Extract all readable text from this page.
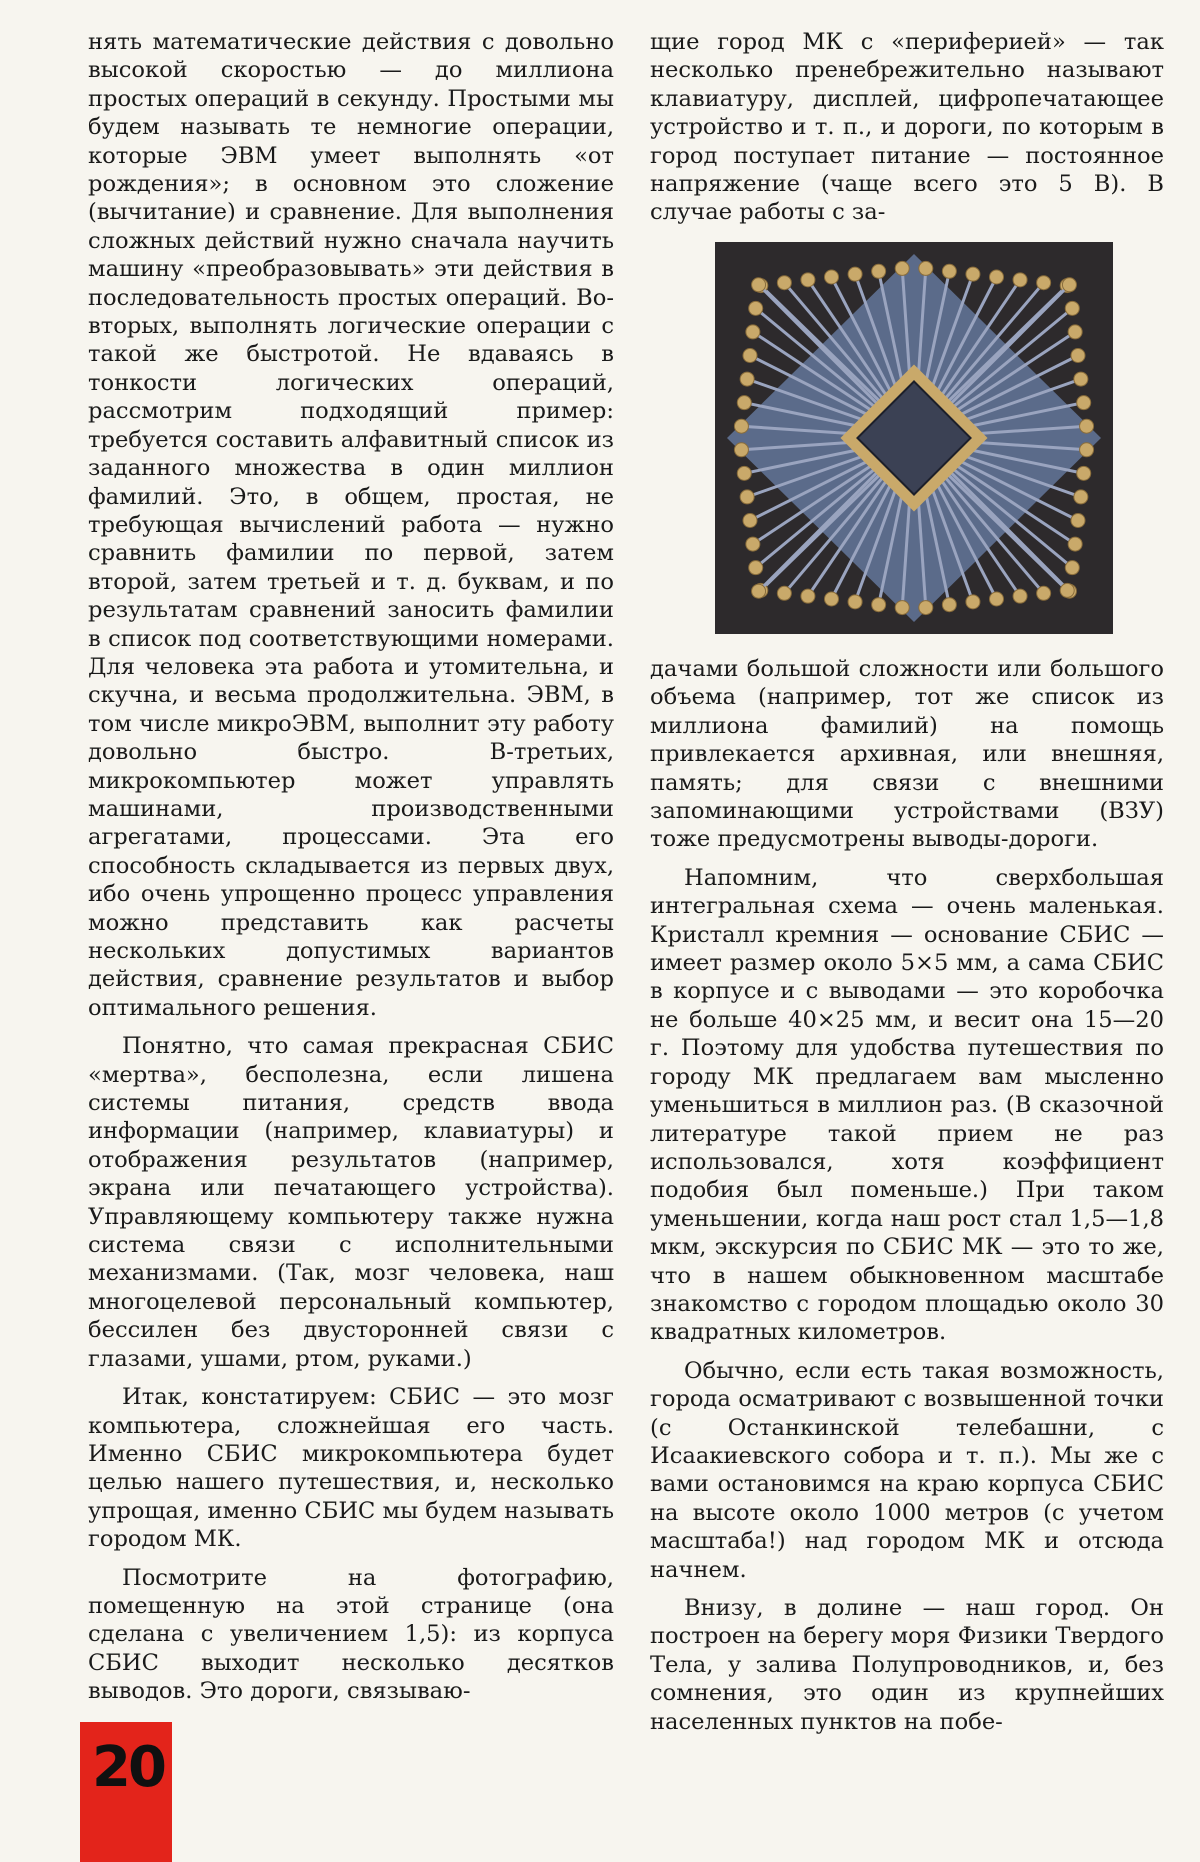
нять математические действия с довольно высокой скоростью — до миллиона простых операций в секунду. Простыми мы будем называть те немногие операции, которые ЭВМ умеет выполнять «от рождения»; в основном это сложение (вычитание) и сравнение. Для выполнения сложных действий нужно сначала научить машину «преобразовывать» эти действия в последовательность простых операций. Во-вторых, выполнять логические операции с такой же быстротой. Не вдаваясь в тонкости логических операций, рассмотрим подходящий пример: требуется составить алфавитный список из заданного множества в один миллион фамилий. Это, в общем, простая, не требующая вычислений работа — нужно сравнить фамилии по первой, затем второй, затем третьей и т. д. буквам, и по результатам сравнений заносить фамилии в список под соответствующими номерами. Для человека эта работа и утомительна, и скучна, и весьма продолжительна. ЭВМ, в том числе микроЭВМ, выполнит эту работу довольно быстро. В-третьих, микрокомпьютер может управлять машинами, производственными агрегатами, процессами. Эта его способность складывается из первых двух, ибо очень упрощенно процесс управления можно представить как расчеты нескольких допустимых вариантов действия, сравнение результатов и выбор оптимального решения.

Понятно, что самая прекрасная СБИС «мертва», бесполезна, если лишена системы питания, средств ввода информации (например, клавиатуры) и отображения результатов (например, экрана или печатающего устройства). Управляющему компьютеру также нужна система связи с исполнительными механизмами. (Так, мозг человека, наш многоцелевой персональный компьютер, бессилен без двусторонней связи с глазами, ушами, ртом, руками.)

Итак, констатируем: СБИС — это мозг компьютера, сложнейшая его часть. Именно СБИС микрокомпьютера будет целью нашего путешествия, и, несколько упрощая, именно СБИС мы будем называть городом МК.

Посмотрите на фотографию, помещенную на этой странице (она сделана с увеличением 1,5): из корпуса СБИС выходит несколько десятков выводов. Это дороги, связываю-

щие город МК с «периферией» — так несколько пренебрежительно называют клавиатуру, дисплей, цифропечатающее устройство и т. п., и дороги, по которым в город поступает питание — постоянное напряжение (чаще всего это 5 В). В случае работы с за-

дачами большой сложности или большого объема (например, тот же список из миллиона фамилий) на помощь привлекается архивная, или внешняя, память; для связи с внешними запоминающими устройствами (ВЗУ) тоже предусмотрены выводы-дороги.

Напомним, что сверхбольшая интегральная схема — очень маленькая. Кристалл кремния — основание СБИС — имеет размер около 5×5 мм, а сама СБИС в корпусе и с выводами — это коробочка не больше 40×25 мм, и весит она 15—20 г. Поэтому для удобства путешествия по городу МК предлагаем вам мысленно уменьшиться в миллион раз. (В сказочной литературе такой прием не раз использовался, хотя коэффициент подобия был поменьше.) При таком уменьшении, когда наш рост стал 1,5—1,8 мкм, экскурсия по СБИС МК — это то же, что в нашем обыкновенном масштабе знакомство с городом площадью около 30 квадратных километров.

Обычно, если есть такая возможность, города осматривают с возвышенной точки (с Останкинской телебашни, с Исаакиевского собора и т. п.). Мы же с вами остановимся на краю корпуса СБИС на высоте около 1000 метров (с учетом масштаба!) над городом МК и отсюда начнем.

Внизу, в долине — наш город. Он построен на берегу моря Физики Твердого Тела, у залива Полупроводников, и, без сомнения, это один из крупнейших населенных пунктов на побе-

20
